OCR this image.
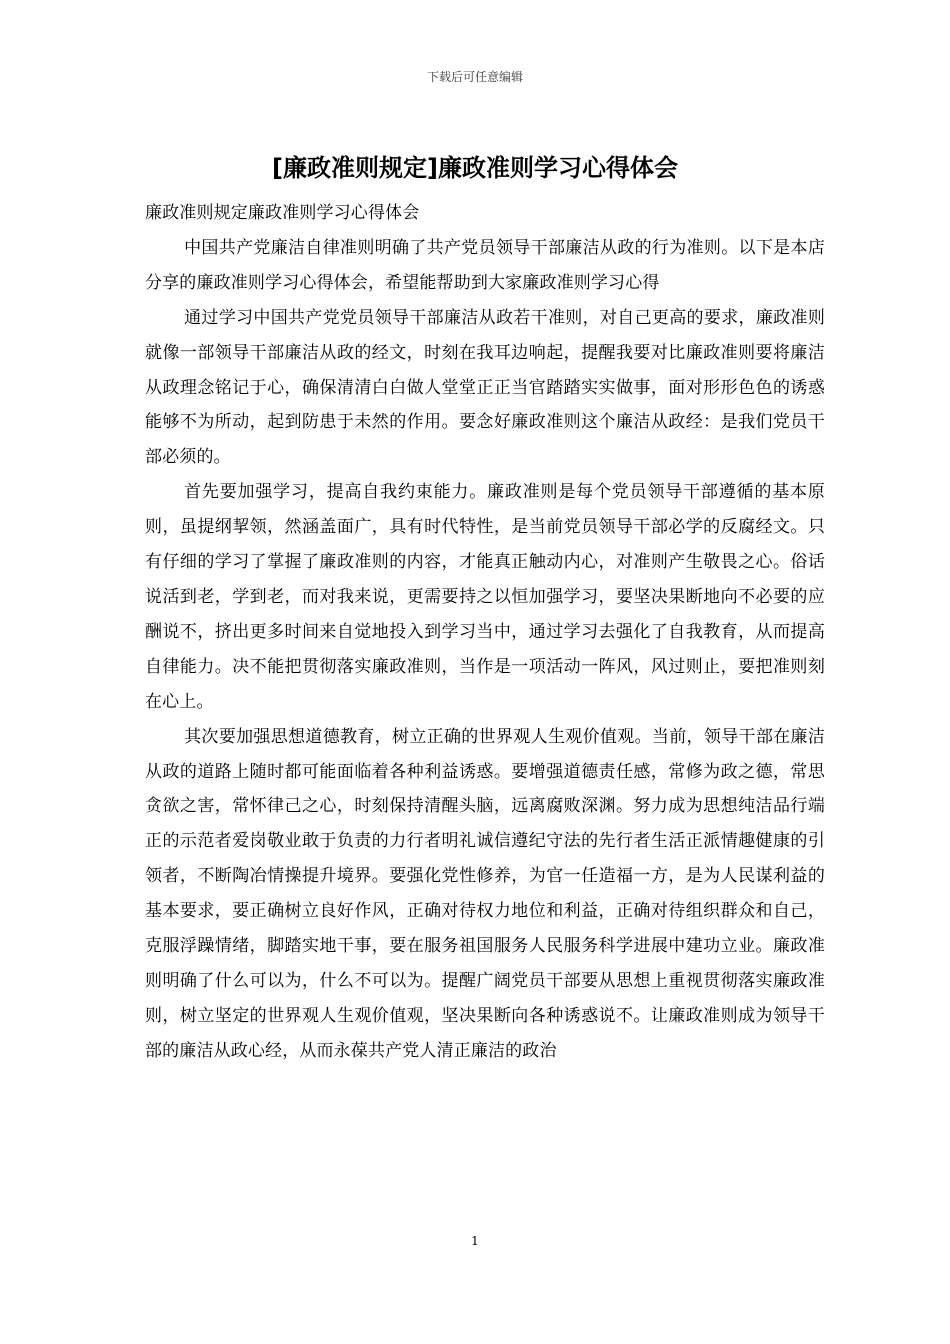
下载后可任意编辑
[廉政准则规定]廉政准则学习心得体会

廉政准则规定廉政准则学习心得体会

中国共产党廉洁自律准则明确了共产党员领导干部廉洁从政的行为准则。以下是本店分享的廉政准则学习心得体会，希望能帮助到大家廉政准则学习心得

通过学习中国共产党党员领导干部廉洁从政若干准则，对自己更高的要求，廉政准则就像一部领导干部廉洁从政的经文，时刻在我耳边响起，提醒我要对比廉政准则要将廉洁从政理念铭记于心，确保清清白白做人堂堂正正当官踏踏实实做事，面对形形色色的诱惑能够不为所动，起到防患于未然的作用。要念好廉政准则这个廉洁从政经：是我们党员干部必须的。

首先要加强学习，提高自我约束能力。廉政准则是每个党员领导干部遵循的基本原则，虽提纲挈领，然涵盖面广，具有时代特性，是当前党员领导干部必学的反腐经文。只有仔细的学习了掌握了廉政准则的内容，才能真正触动内心，对准则产生敬畏之心。俗话说活到老，学到老，而对我来说，更需要持之以恒加强学习，要坚决果断地向不必要的应酬说不，挤出更多时间来自觉地投入到学习当中，通过学习去强化了自我教育，从而提高自律能力。决不能把贯彻落实廉政准则，当作是一项活动一阵风，风过则止，要把准则刻在心上。

其次要加强思想道德教育，树立正确的世界观人生观价值观。当前，领导干部在廉洁从政的道路上随时都可能面临着各种利益诱惑。要增强道德责任感，常修为政之德，常思贪欲之害，常怀律己之心，时刻保持清醒头脑，远离腐败深渊。努力成为思想纯洁品行端正的示范者爱岗敬业敢于负责的力行者明礼诚信遵纪守法的先行者生活正派情趣健康的引领者，不断陶冶情操提升境界。要强化党性修养，为官一任造福一方，是为人民谋利益的基本要求，要正确树立良好作风，正确对待权力地位和利益，正确对待组织群众和自己，克服浮躁情绪，脚踏实地干事，要在服务祖国服务人民服务科学进展中建功立业。廉政准则明确了什么可以为，什么不可以为。提醒广阔党员干部要从思想上重视贯彻落实廉政准则，树立坚定的世界观人生观价值观，坚决果断向各种诱惑说不。让廉政准则成为领导干部的廉洁从政心经，从而永葆共产党人清正廉洁的政治

1
